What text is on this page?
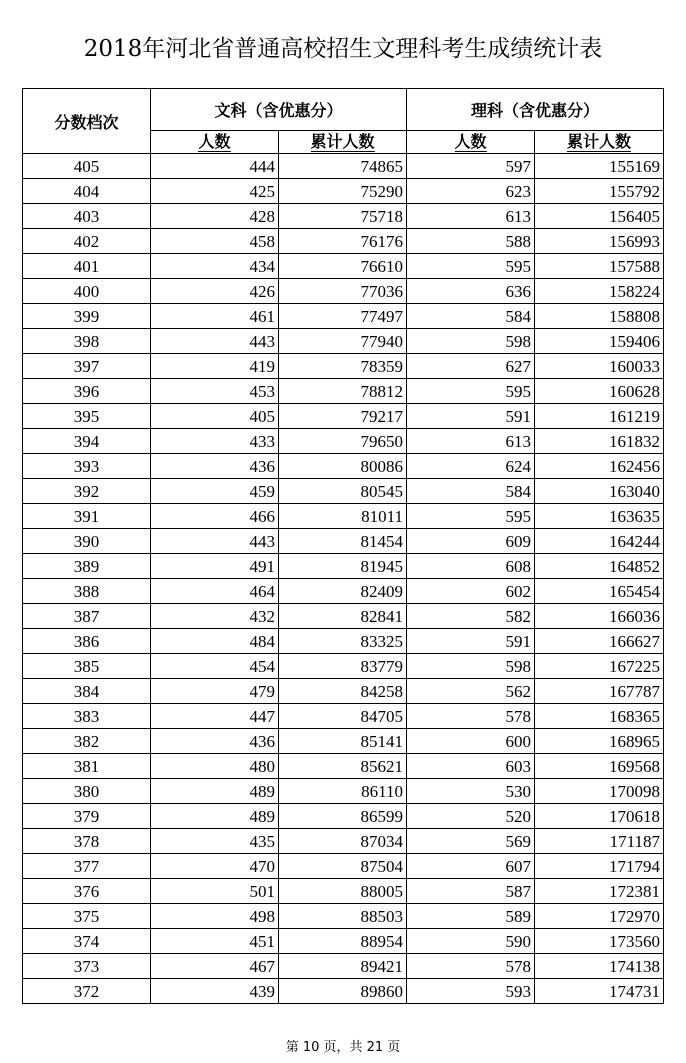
2018年河北省普通高校招生文理科考生成绩统计表
分数档次	文科（含优惠分）		理科（含优惠分）	
	人数	累计人数	人数	累计人数
405	444	74865	597	155169
404	425	75290	623	155792
403	428	75718	613	156405
402	458	76176	588	156993
401	434	76610	595	157588
400	426	77036	636	158224
399	461	77497	584	158808
398	443	77940	598	159406
397	419	78359	627	160033
396	453	78812	595	160628
395	405	79217	591	161219
394	433	79650	613	161832
393	436	80086	624	162456
392	459	80545	584	163040
391	466	81011	595	163635
390	443	81454	609	164244
389	491	81945	608	164852
388	464	82409	602	165454
387	432	82841	582	166036
386	484	83325	591	166627
385	454	83779	598	167225
384	479	84258	562	167787
383	447	84705	578	168365
382	436	85141	600	168965
381	480	85621	603	169568
380	489	86110	530	170098
379	489	86599	520	170618
378	435	87034	569	171187
377	470	87504	607	171794
376	501	88005	587	172381
375	498	88503	589	172970
374	451	88954	590	173560
373	467	89421	578	174138
372	439	89860	593	174731
第 10 页，共 21 页
